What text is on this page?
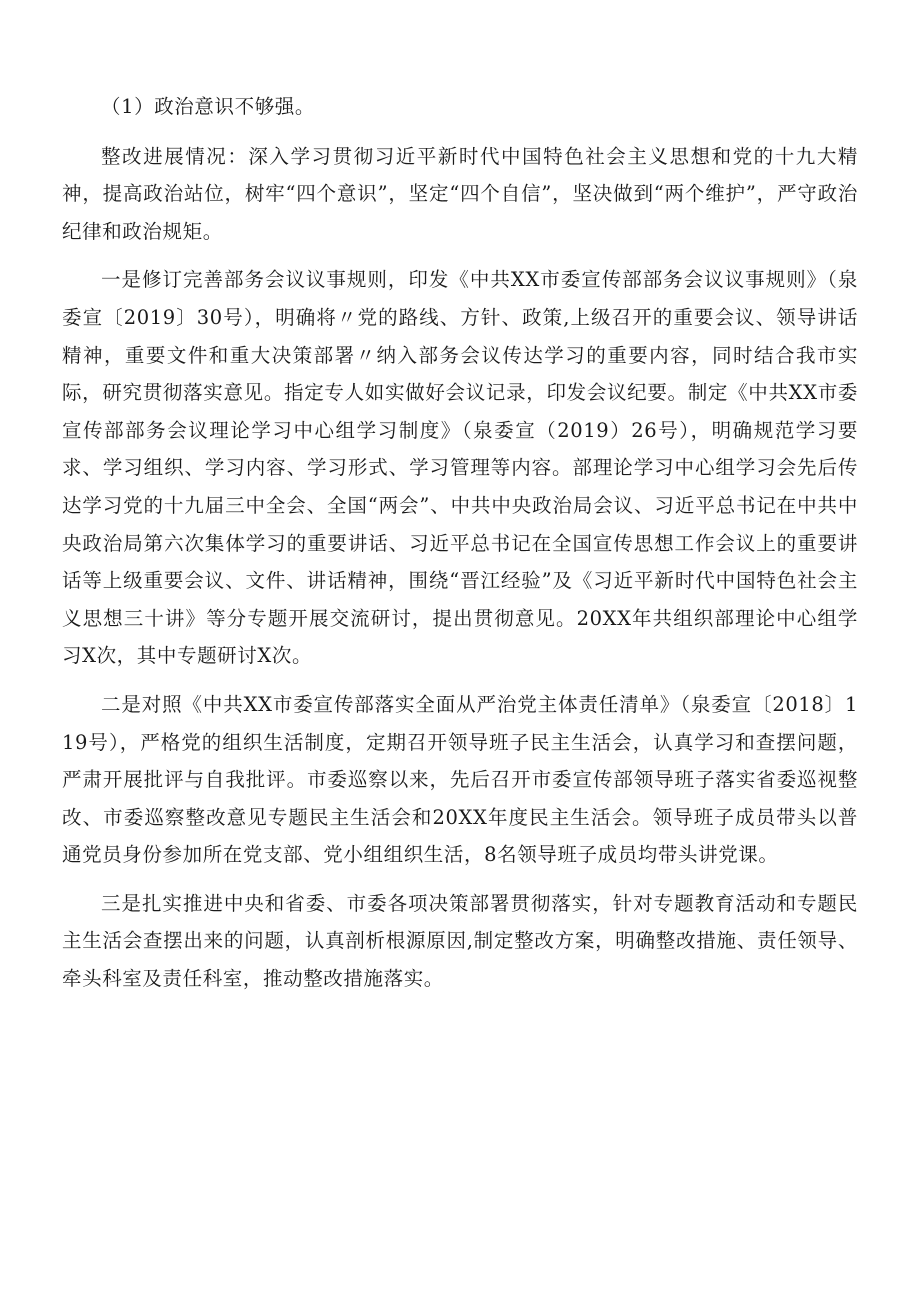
（1）政治意识不够强。

整改进展情况：深入学习贯彻习近平新时代中国特色社会主义思想和党的十九大精神，提高政治站位，树牢“四个意识”，坚定“四个自信”，坚决做到“两个维护”，严守政治纪律和政治规矩。

一是修订完善部务会议议事规则，印发《中共XX市委宣传部部务会议议事规则》（泉委宣〔2019〕30号），明确将〃党的路线、方针、政策,上级召开的重要会议、领导讲话精神，重要文件和重大决策部署〃纳入部务会议传达学习的重要内容，同时结合我市实际，研究贯彻落实意见。指定专人如实做好会议记录，印发会议纪要。制定《中共XX市委宣传部部务会议理论学习中心组学习制度》（泉委宣（2019）26号），明确规范学习要求、学习组织、学习内容、学习形式、学习管理等内容。部理论学习中心组学习会先后传达学习党的十九届三中全会、全国“两会”、中共中央政治局会议、习近平总书记在中共中央政治局第六次集体学习的重要讲话、习近平总书记在全国宣传思想工作会议上的重要讲话等上级重要会议、文件、讲话精神，围绕“晋江经验”及《习近平新时代中国特色社会主义思想三十讲》等分专题开展交流研讨，提出贯彻意见。20XX年共组织部理论中心组学习X次，其中专题研讨X次。

二是对照《中共XX市委宣传部落实全面从严治党主体责任清单》（泉委宣〔2018〕119号），严格党的组织生活制度，定期召开领导班子民主生活会，认真学习和查摆问题，严肃开展批评与自我批评。市委巡察以来，先后召开市委宣传部领导班子落实省委巡视整改、市委巡察整改意见专题民主生活会和20XX年度民主生活会。领导班子成员带头以普通党员身份参加所在党支部、党小组组织生活，8名领导班子成员均带头讲党课。

三是扎实推进中央和省委、市委各项决策部署贯彻落实，针对专题教育活动和专题民主生活会查摆出来的问题，认真剖析根源原因,制定整改方案，明确整改措施、责任领导、牵头科室及责任科室，推动整改措施落实。
